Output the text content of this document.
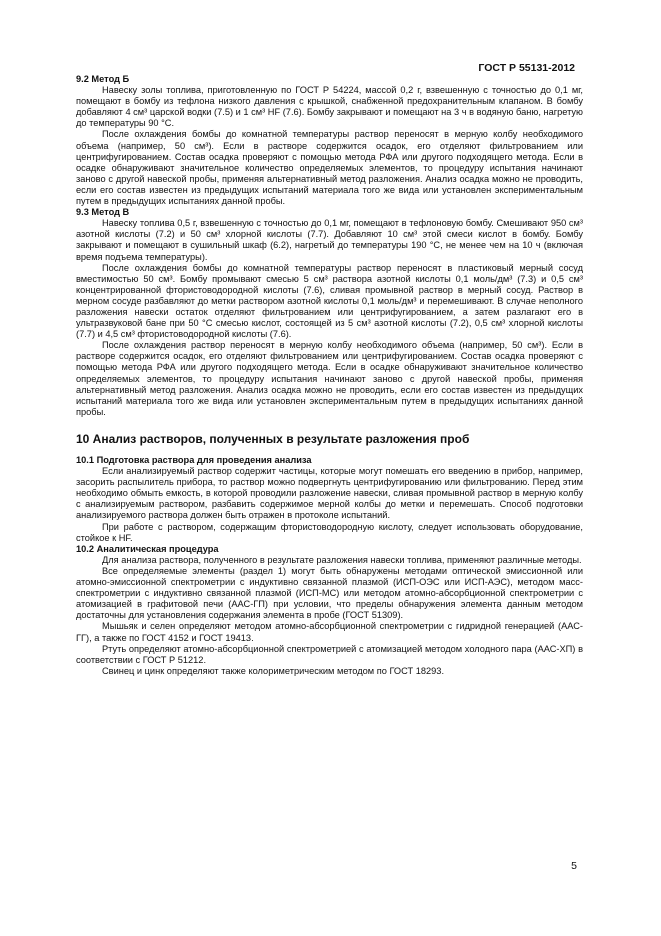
ГОСТ Р 55131-2012

9.2 Метод Б

Навеску золы топлива, приготовленную по ГОСТ Р 54224, массой 0,2 г, взвешенную с точностью до 0,1 мг, помещают в бомбу из тефлона низкого давления с крышкой, снабженной предохранительным клапаном. В бомбу добавляют 4 см³ царской водки (7.5) и 1 см³ HF (7.6). Бомбу закрывают и помещают на 3 ч в водяную баню, нагретую до температуры 90 °С.

После охлаждения бомбы до комнатной температуры раствор переносят в мерную колбу необходимого объема (например, 50 см³). Если в растворе содержится осадок, его отделяют фильтрованием или центрифугированием. Состав осадка проверяют с помощью метода РФА или другого подходящего метода. Если в осадке обнаруживают значительное количество определяемых элементов, то процедуру испытания начинают заново с другой навеской пробы, применяя альтернативный метод разложения. Анализ осадка можно не проводить, если его состав известен из предыдущих испытаний материала того же вида или установлен экспериментальным путем в предыдущих испытаниях данной пробы.

9.3 Метод В

Навеску топлива 0,5 г, взвешенную с точностью до 0,1 мг, помещают в тефлоновую бомбу. Смешивают 950 см³ азотной кислоты (7.2) и 50 см³ хлорной кислоты (7.7). Добавляют 10 см³ этой смеси кислот в бомбу. Бомбу закрывают и помещают в сушильный шкаф (6.2), нагретый до температуры 190 °С, не менее чем на 10 ч (включая время подъема температуры).

После охлаждения бомбы до комнатной температуры раствор переносят в пластиковый мерный сосуд вместимостью 50 см³. Бомбу промывают смесью 5 см³ раствора азотной кислоты 0,1 моль/дм³ (7.3) и 0,5 см³ концентрированной фтористоводородной кислоты (7.6), сливая промывной раствор в мерный сосуд. Раствор в мерном сосуде разбавляют до метки раствором азотной кислоты 0,1 моль/дм³ и перемешивают. В случае неполного разложения навески остаток отделяют фильтрованием или центрифугированием, а затем разлагают его в ультразвуковой бане при 50 °С смесью кислот, состоящей из 5 см³ азотной кислоты (7.2), 0,5 см³ хлорной кислоты (7.7) и 4,5 см³ фтористоводородной кислоты (7.6).

После охлаждения раствор переносят в мерную колбу необходимого объема (например, 50 см³). Если в растворе содержится осадок, его отделяют фильтрованием или центрифугированием. Состав осадка проверяют с помощью метода РФА или другого подходящего метода. Если в осадке обнаруживают значительное количество определяемых элементов, то процедуру испытания начинают заново с другой навеской пробы, применяя альтернативный метод разложения. Анализ осадка можно не проводить, если его состав известен из предыдущих испытаний материала того же вида или установлен экспериментальным путем в предыдущих испытаниях данной пробы.

10 Анализ растворов, полученных в результате разложения проб

10.1 Подготовка раствора для проведения анализа

Если анализируемый раствор содержит частицы, которые могут помешать его введению в прибор, например, засорить распылитель прибора, то раствор можно подвергнуть центрифугированию или фильтрованию. Перед этим необходимо обмыть емкость, в которой проводили разложение навески, сливая промывной раствор в мерную колбу с анализируемым раствором, разбавить содержимое мерной колбы до метки и перемешать. Способ подготовки анализируемого раствора должен быть отражен в протоколе испытаний.

При работе с раствором, содержащим фтористоводородную кислоту, следует использовать оборудование, стойкое к HF.

10.2 Аналитическая процедура

Для анализа раствора, полученного в результате разложения навески топлива, применяют различные методы.

Все определяемые элементы (раздел 1) могут быть обнаружены методами оптической эмиссионной или атомно-эмиссионной спектрометрии с индуктивно связанной плазмой (ИСП-ОЭС или ИСП-АЭС), методом масс-спектрометрии с индуктивно связанной плазмой (ИСП-МС) или методом атомно-абсорбционной спектрометрии с атомизацией в графитовой печи (ААС-ГП) при условии, что пределы обнаружения элемента данным методом достаточны для установления содержания элемента в пробе (ГОСТ 51309).

Мышьяк и селен определяют методом атомно-абсорбционной спектрометрии с гидридной генерацией (ААС-ГГ), а также по ГОСТ 4152 и ГОСТ 19413.

Ртуть определяют атомно-абсорбционной спектрометрией с атомизацией методом холодного пара (ААС-ХП) в соответствии с ГОСТ Р 51212.

Свинец и цинк определяют также колориметрическим методом по ГОСТ 18293.

5
